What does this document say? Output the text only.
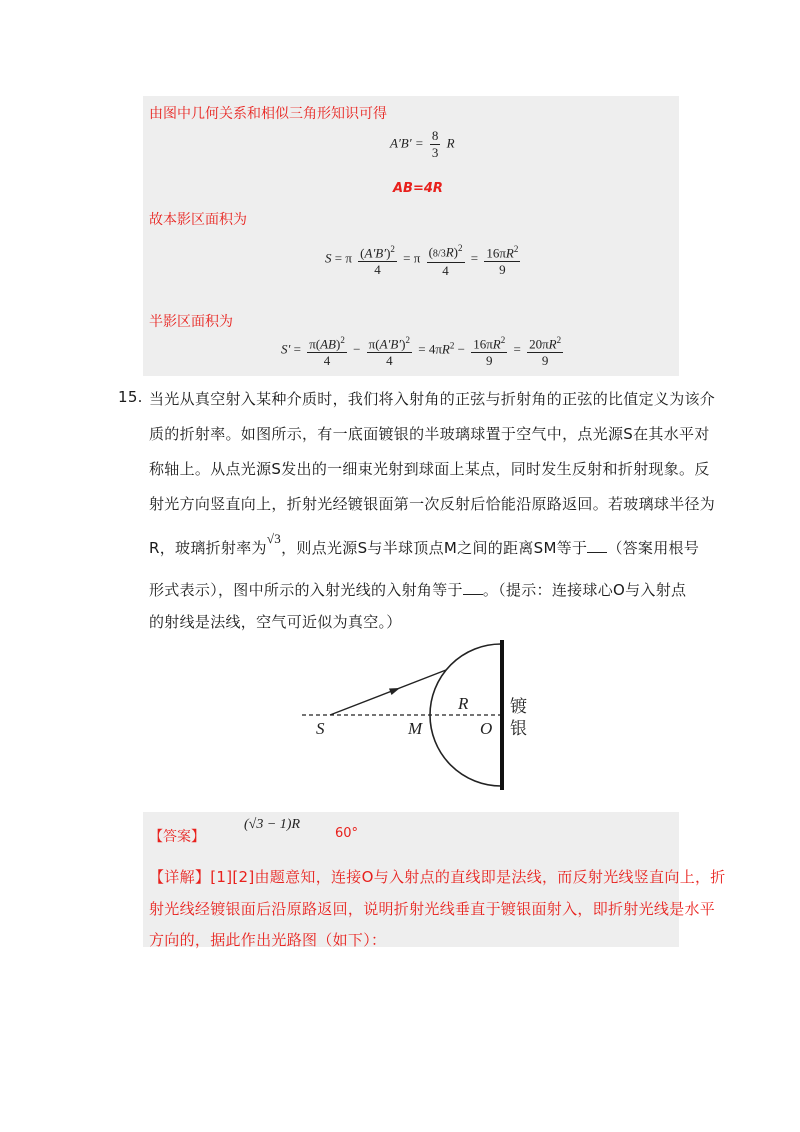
由图中几何关系和相似三角形知识可得
$A'B' = \frac{8}{3}$ R
AB=4R
故本影区面积为
S = π $\frac{(A'B')^2}{4} = \pi \frac{(8/3R)^2}{4} = \frac{16\pi R^2}{9}$
半影区面积为
$S' = \frac{\pi(AB)^2}{4} - \frac{\pi(A'B')^2}{4} = 4\pi R^2 - \frac{16\pi R^2}{9} = \frac{20\pi R^2}{9}$
15. 当光从真空射入某种介质时，我们将入射角的正弦与折射角的正弦的比值定义为该介
质的折射率。如图所示，有一底面镀银的半玻璃球置于空气中，点光源S在其水平对
称轴上。从点光源S发出的一细束光射到球面上某点，同时发生反射和折射现象。反
射光方向竖直向上，折射光经镀银面第一次反射后恰能沿原路返回。若玻璃球半径为
R，玻璃折射率为√3，则点光源S与半球顶点M之间的距离SM等于 （答案用根号
形式表示），图中所示的入射光线的入射角等于 。（提示：连接球心O与入射点
的射线是法线，空气可近似为真空。）
S	M	O
R 镀
银
【答案】
(√3 − 1)R
60°
【详解】[1][2]由题意知，连接O与入射点的直线即是法线，而反射光线竖直向上，折
射光线经镀银面后沿原路返回，说明折射光线垂直于镀银面射入，即折射光线是水平
方向的，据此作出光路图（如下）：
